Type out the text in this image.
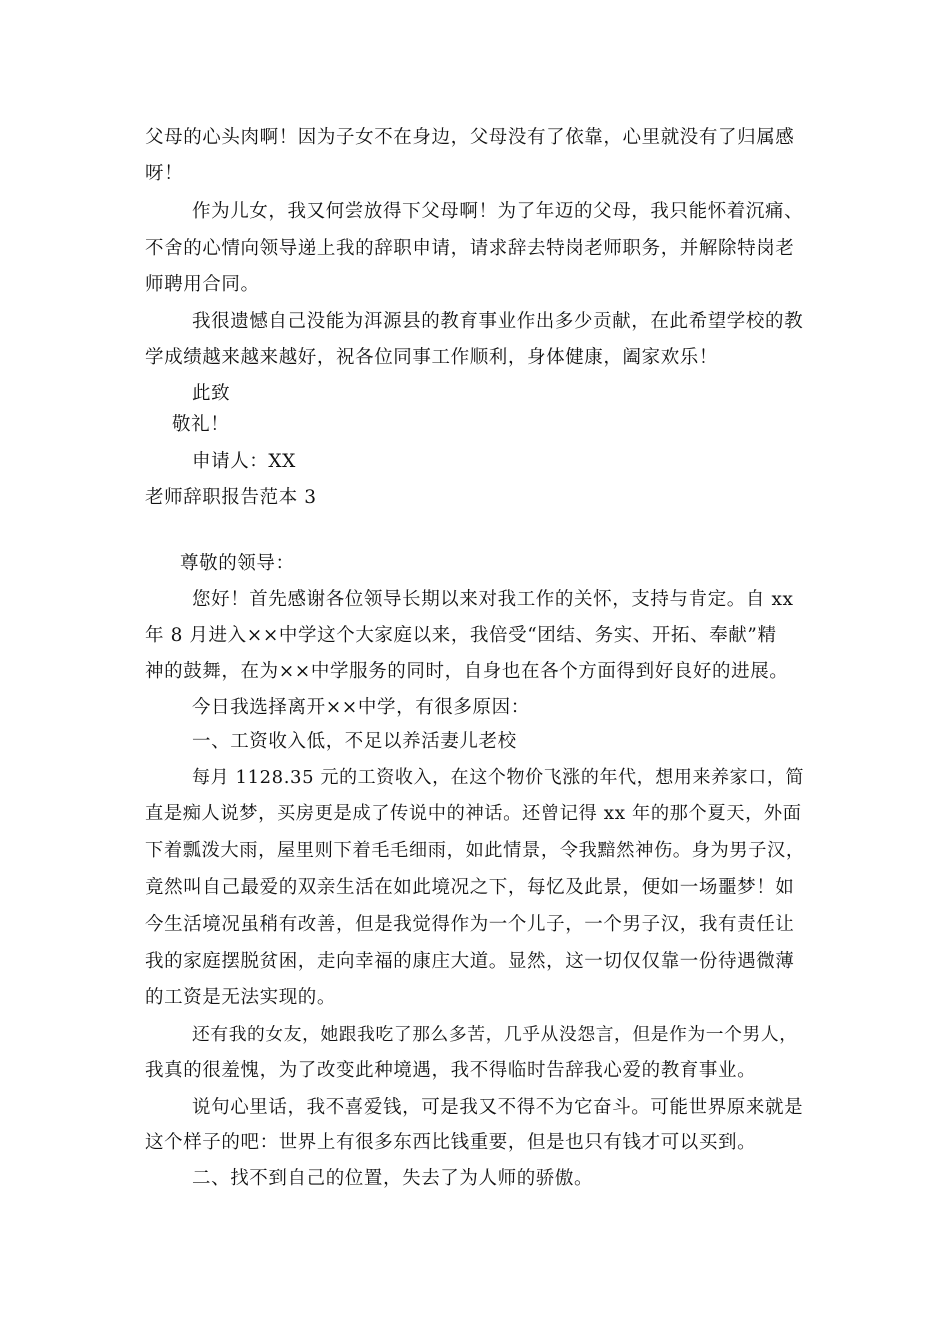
父母的心头肉啊！因为子女不在身边，父母没有了依靠，心里就没有了归属感
呀！
作为儿女，我又何尝放得下父母啊！为了年迈的父母，我只能怀着沉痛、
不舍的心情向领导递上我的辞职申请，请求辞去特岗老师职务，并解除特岗老
师聘用合同。
我很遗憾自己没能为洱源县的教育事业作出多少贡献，在此希望学校的教
学成绩越来越来越好，祝各位同事工作顺利，身体健康，阖家欢乐！
此致
敬礼！
申请人：XX
老师辞职报告范本 3
尊敬的领导：
您好！首先感谢各位领导长期以来对我工作的关怀，支持与肯定。自 xx
年 8 月进入××中学这个大家庭以来，我倍受“团结、务实、开拓、奉献”精
神的鼓舞，在为××中学服务的同时，自身也在各个方面得到好良好的进展。
今日我选择离开××中学，有很多原因：
一、工资收入低，不足以养活妻儿老校
每月 1128.35 元的工资收入，在这个物价飞涨的年代，想用来养家口，简
直是痴人说梦，买房更是成了传说中的神话。还曾记得 xx 年的那个夏天，外面
下着瓢泼大雨，屋里则下着毛毛细雨，如此情景，令我黯然神伤。身为男子汉，
竟然叫自己最爱的双亲生活在如此境况之下，每忆及此景，便如一场噩梦！如
今生活境况虽稍有改善，但是我觉得作为一个儿子，一个男子汉，我有责任让
我的家庭摆脱贫困，走向幸福的康庄大道。显然，这一切仅仅靠一份待遇微薄
的工资是无法实现的。
还有我的女友，她跟我吃了那么多苦，几乎从没怨言，但是作为一个男人，
我真的很羞愧，为了改变此种境遇，我不得临时告辞我心爱的教育事业。
说句心里话，我不喜爱钱，可是我又不得不为它奋斗。可能世界原来就是
这个样子的吧：世界上有很多东西比钱重要，但是也只有钱才可以买到。
二、找不到自己的位置，失去了为人师的骄傲。
